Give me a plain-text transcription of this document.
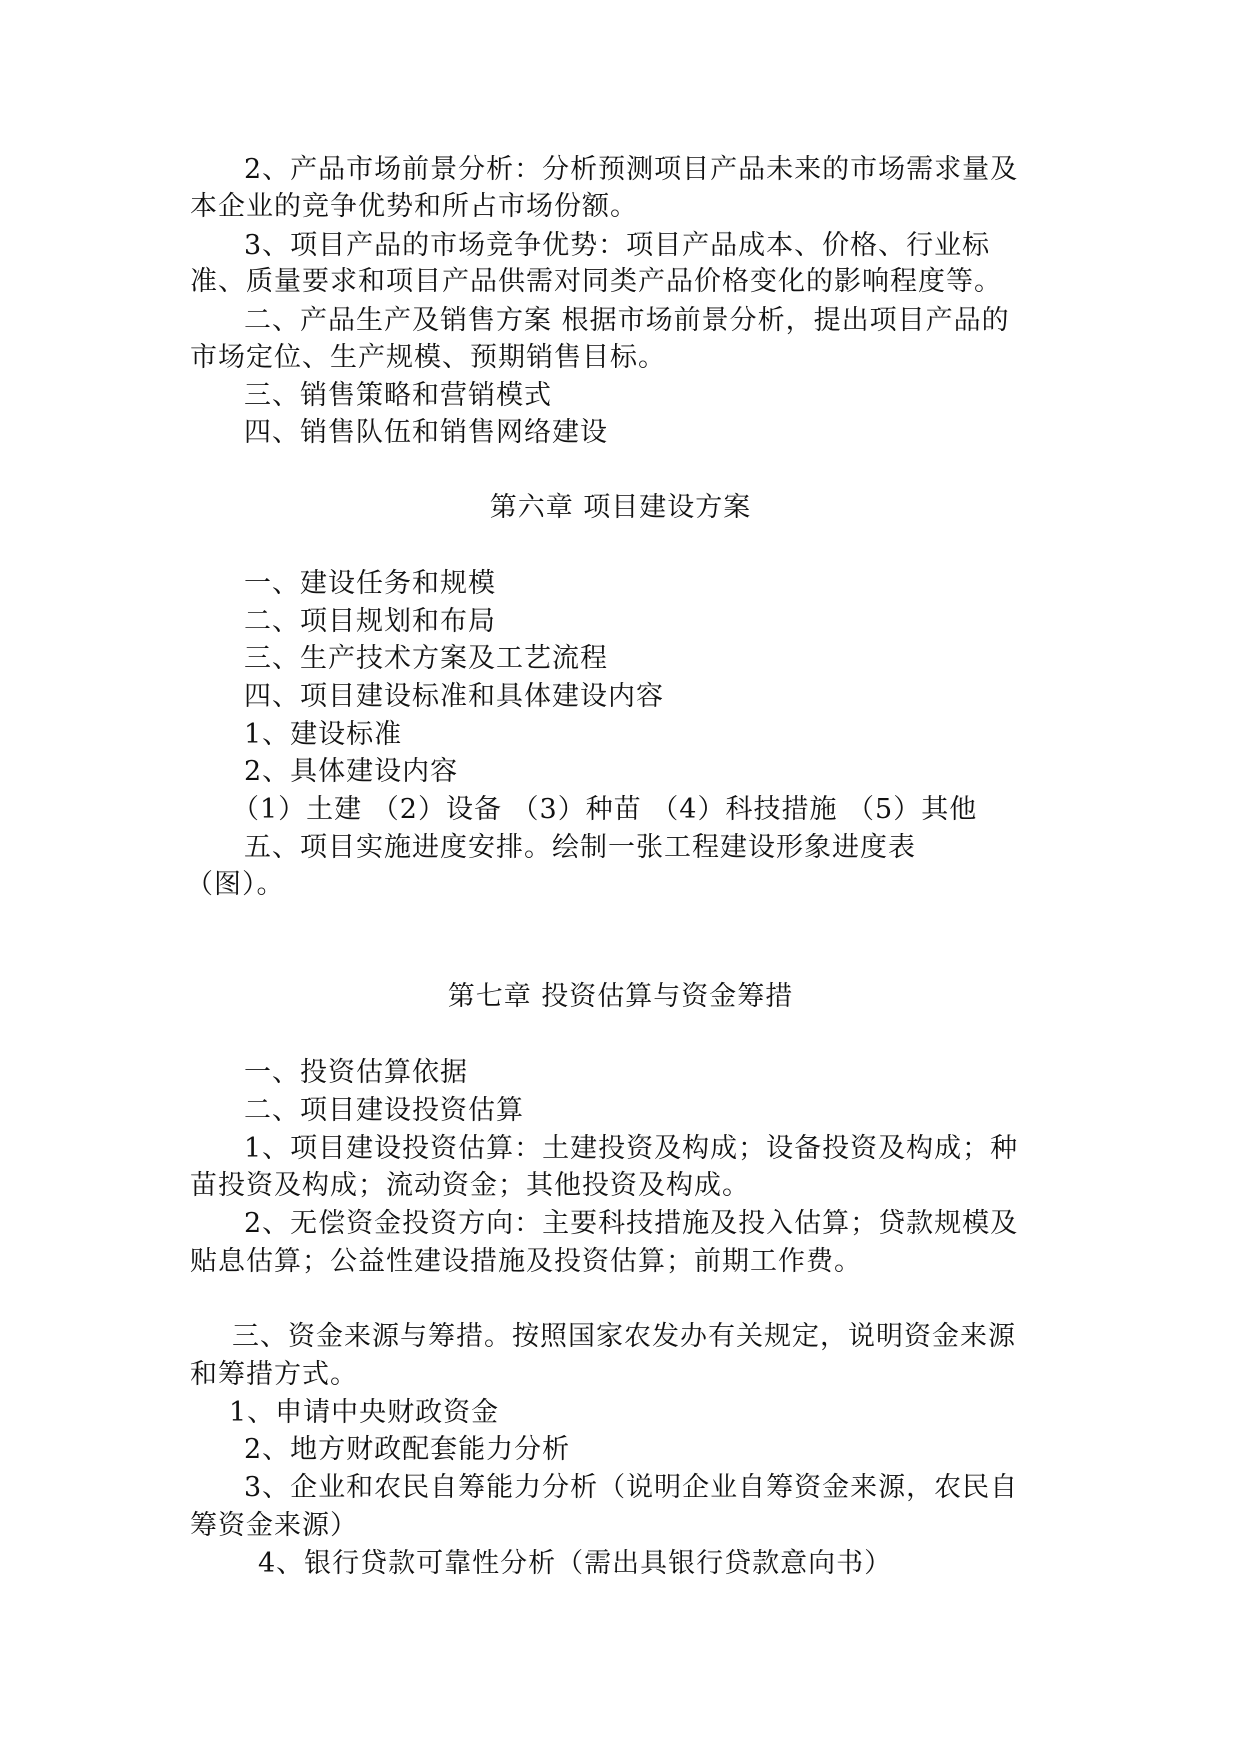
2、产品市场前景分析：分析预测项目产品未来的市场需求量及
本企业的竞争优势和所占市场份额。
3、项目产品的市场竞争优势：项目产品成本、价格、行业标
准、质量要求和项目产品供需对同类产品价格变化的影响程度等。
二、产品生产及销售方案 根据市场前景分析，提出项目产品的
市场定位、生产规模、预期销售目标。
三、销售策略和营销模式
四、销售队伍和销售网络建设
第六章 项目建设方案
一、建设任务和规模
二、项目规划和布局
三、生产技术方案及工艺流程
四、项目建设标准和具体建设内容
1、建设标准
2、具体建设内容
（1）土建 （2）设备 （3）种苗 （4）科技措施 （5）其他
五、项目实施进度安排。绘制一张工程建设形象进度表
（图）。
第七章 投资估算与资金筹措
一、投资估算依据
二、项目建设投资估算
1、项目建设投资估算：土建投资及构成；设备投资及构成；种
苗投资及构成；流动资金；其他投资及构成。
2、无偿资金投资方向：主要科技措施及投入估算；贷款规模及
贴息估算；公益性建设措施及投资估算；前期工作费。
三、资金来源与筹措。按照国家农发办有关规定，说明资金来源
和筹措方式。
1、申请中央财政资金
2、地方财政配套能力分析
3、企业和农民自筹能力分析（说明企业自筹资金来源，农民自
筹资金来源）
4、银行贷款可靠性分析（需出具银行贷款意向书）
